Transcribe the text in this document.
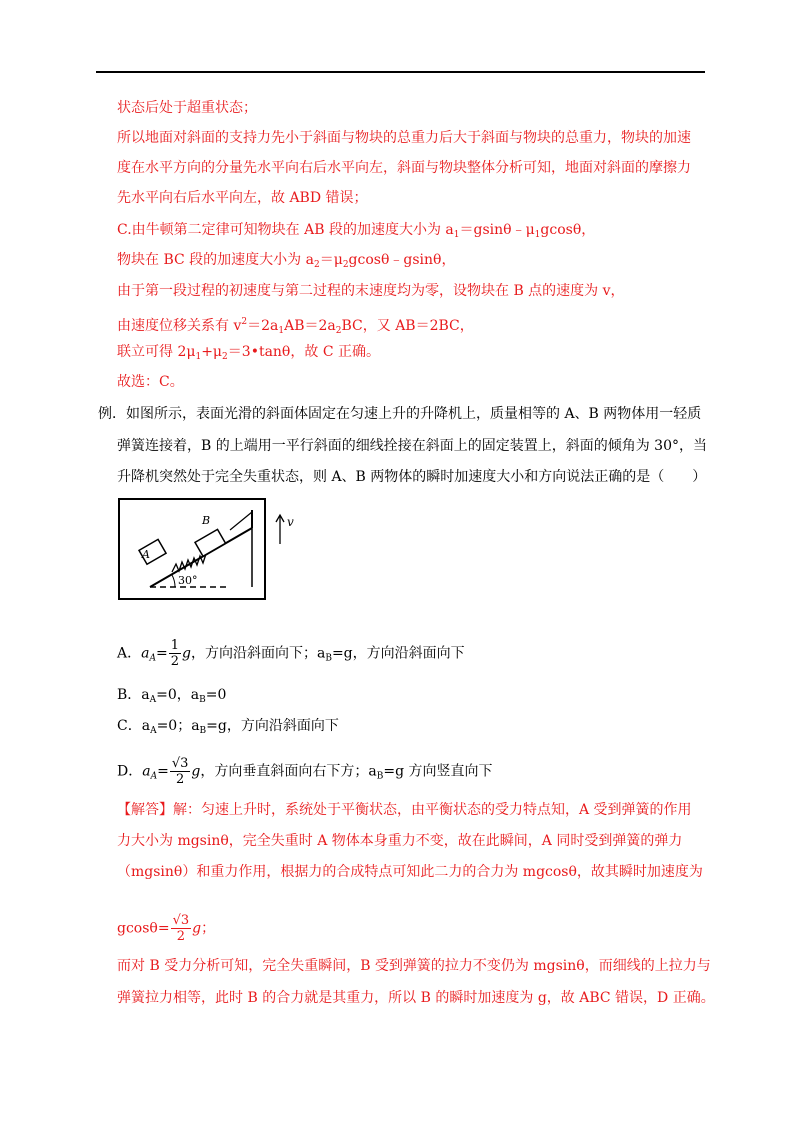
状态后处于超重状态；
所以地面对斜面的支持力先小于斜面与物块的总重力后大于斜面与物块的总重力，物块的加速
度在水平方向的分量先水平向右后水平向左，斜面与物块整体分析可知，地面对斜面的摩擦力
先水平向右后水平向左，故 ABD 错误；
C.由牛顿第二定律可知物块在 AB 段的加速度大小为 $a_1=gsin\theta﹣\mu_1gcos\theta$，
物块在 BC 段的加速度大小为 $a_2=\mu_2gcos\theta﹣gsin\theta$，
由于第一段过程的初速度与第二过程的末速度均为零，设物块在 B 点的速度为 v，
由速度位移关系有 $v^2=2a_1AB=2a_2BC$，又 AB＝2BC，
联立可得 $2\mu_1+\mu_2=3•\tan\theta$，故 C 正确。
故选：C。
例．如图所示，表面光滑的斜面体固定在匀速上升的升降机上，质量相等的 A、B 两物体用一轻质
弹簧连接着，B 的上端用一平行斜面的细线拴接在斜面上的固定装置上，斜面的倾角为 30°，当
升降机突然处于完全失重状态，则 A、B 两物体的瞬时加速度大小和方向说法正确的是（　　）
A
B
30°
v
A．$a_A= \frac{1}{2}$ g，方向沿斜面向下；$a_B=g$，方向沿斜面向下
B．$a_A=0$，$a_B=0$
C．$a_A=0$；$a_B=g$，方向沿斜面向下
D．$a_A= \frac{√3}{2}$ g，方向垂直斜面向右下方；$a_B=g$ 方向竖直向下
【解答】解：匀速上升时，系统处于平衡状态，由平衡状态的受力特点知，A 受到弹簧的作用
力大小为 mgsinθ，完全失重时 A 物体本身重力不变，故在此瞬间，A 同时受到弹簧的弹力
（mgsinθ）和重力作用，根据力的合成特点可知此二力的合力为 mgcosθ，故其瞬时加速度为
$gcos\theta= \frac{√3}{2}$ g；
而对 B 受力分析可知，完全失重瞬间，B 受到弹簧的拉力不变仍为 mgsinθ，而细线的上拉力与
弹簧拉力相等，此时 B 的合力就是其重力，所以 B 的瞬时加速度为 g，故 ABC 错误，D 正确。
